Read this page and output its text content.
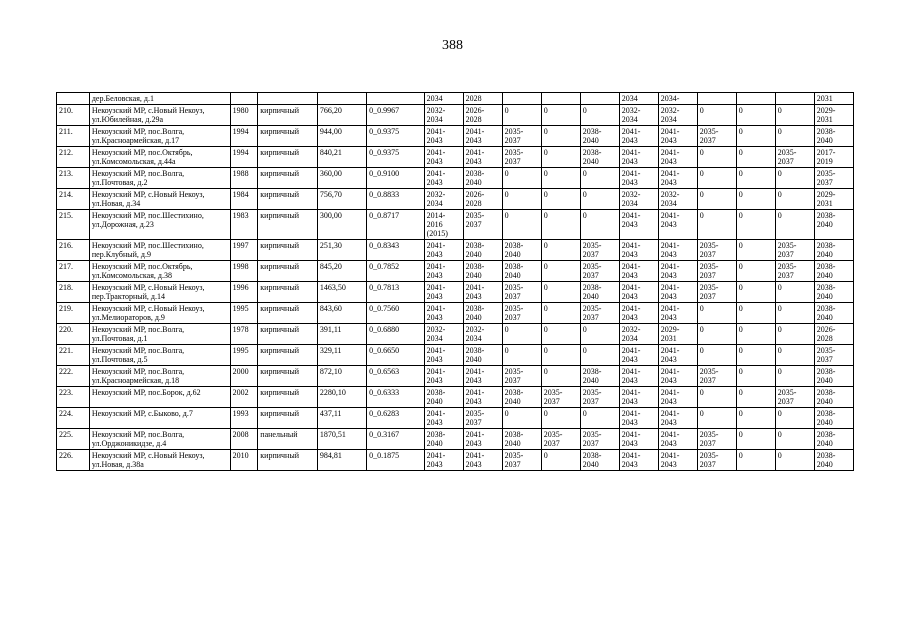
388
	дер.Беловская, д.1					2034	2028				2034	2034-				2031
210.	Некоузский МР, с.Новый Некоуз, ул.Юбилейная, д.29а	1980	кирпичный	766,20	0_0.9967	2032-2034	2026-2028	0	0	0	2032-2034	2032-2034	0	0	0	2029-2031
211.	Некоузский МР, пос.Волга, ул.Красноармейская, д.17	1994	кирпичный	944,00	0_0.9375	2041-2043	2041-2043	2035-2037	0	2038-2040	2041-2043	2041-2043	2035-2037	0	0	2038-2040
212.	Некоузский МР, пос.Октябрь, ул.Комсомольская, д.44а	1994	кирпичный	840,21	0_0.9375	2041-2043	2041-2043	2035-2037	0	2038-2040	2041-2043	2041-2043	0	0	2035-2037	2017-2019
213.	Некоузский МР, пос.Волга, ул.Почтовая, д.2	1988	кирпичный	360,00	0_0.9100	2041-2043	2038-2040	0	0	0	2041-2043	2041-2043	0	0	0	2035-2037
214.	Некоузский МР, с.Новый Некоуз, ул.Новая, д.34	1984	кирпичный	756,70	0_0.8833	2032-2034	2026-2028	0	0	0	2032-2034	2032-2034	0	0	0	2029-2031
215.	Некоузский МР, пос.Шестихино, ул.Дорожная, д.23	1983	кирпичный	300,00	0_0.8717	2014-2016 (2015)	2035-2037	0	0	0	2041-2043	2041-2043	0	0	0	2038-2040
216.	Некоузский МР, пос.Шестихино, пер.Клубный, д.9	1997	кирпичный	251,30	0_0.8343	2041-2043	2038-2040	2038-2040	0	2035-2037	2041-2043	2041-2043	2035-2037	0	2035-2037	2038-2040
217.	Некоузский МР, пос.Октябрь, ул.Комсомольская, д.38	1998	кирпичный	845,20	0_0.7852	2041-2043	2038-2040	2038-2040	0	2035-2037	2041-2043	2041-2043	2035-2037	0	2035-2037	2038-2040
218.	Некоузский МР, с.Новый Некоуз, пер.Тракторный, д.14	1996	кирпичный	1463,50	0_0.7813	2041-2043	2041-2043	2035-2037	0	2038-2040	2041-2043	2041-2043	2035-2037	0	0	2038-2040
219.	Некоузский МР, с.Новый Некоуз, ул.Мелиораторов, д.9	1995	кирпичный	843,60	0_0.7560	2041-2043	2038-2040	2035-2037	0	2035-2037	2041-2043	2041-2043	0	0	0	2038-2040
220.	Некоузский МР, пос.Волга, ул.Почтовая, д.1	1978	кирпичный	391,11	0_0.6880	2032-2034	2032-2034	0	0	0	2032-2034	2029-2031	0	0	0	2026-2028
221.	Некоузский МР, пос.Волга, ул.Почтовая, д.5	1995	кирпичный	329,11	0_0.6650	2041-2043	2038-2040	0	0	0	2041-2043	2041-2043	0	0	0	2035-2037
222.	Некоузский МР, пос.Волга, ул.Красноармейская, д.18	2000	кирпичный	872,10	0_0.6563	2041-2043	2041-2043	2035-2037	0	2038-2040	2041-2043	2041-2043	2035-2037	0	0	2038-2040
223.	Некоузский МР, пос.Борок, д.62	2002	кирпичный	2280,10	0_0.6333	2038-2040	2041-2043	2038-2040	2035-2037	2035-2037	2041-2043	2041-2043	0	0	2035-2037	2038-2040
224.	Некоузский МР, с.Быково, д.7	1993	кирпичный	437,11	0_0.6283	2041-2043	2035-2037	0	0	0	2041-2043	2041-2043	0	0	0	2038-2040
225.	Некоузский МР, пос.Волга, ул.Орджоникидзе, д.4	2008	панельный	1870,51	0_0.3167	2038-2040	2041-2043	2038-2040	2035-2037	2035-2037	2041-2043	2041-2043	2035-2037	0	0	2038-2040
226.	Некоузский МР, с.Новый Некоуз, ул.Новая, д.38а	2010	кирпичный	984,81	0_0.1875	2041-2043	2041-2043	2035-2037	0	2038-2040	2041-2043	2041-2043	2035-2037	0	0	2038-2040
